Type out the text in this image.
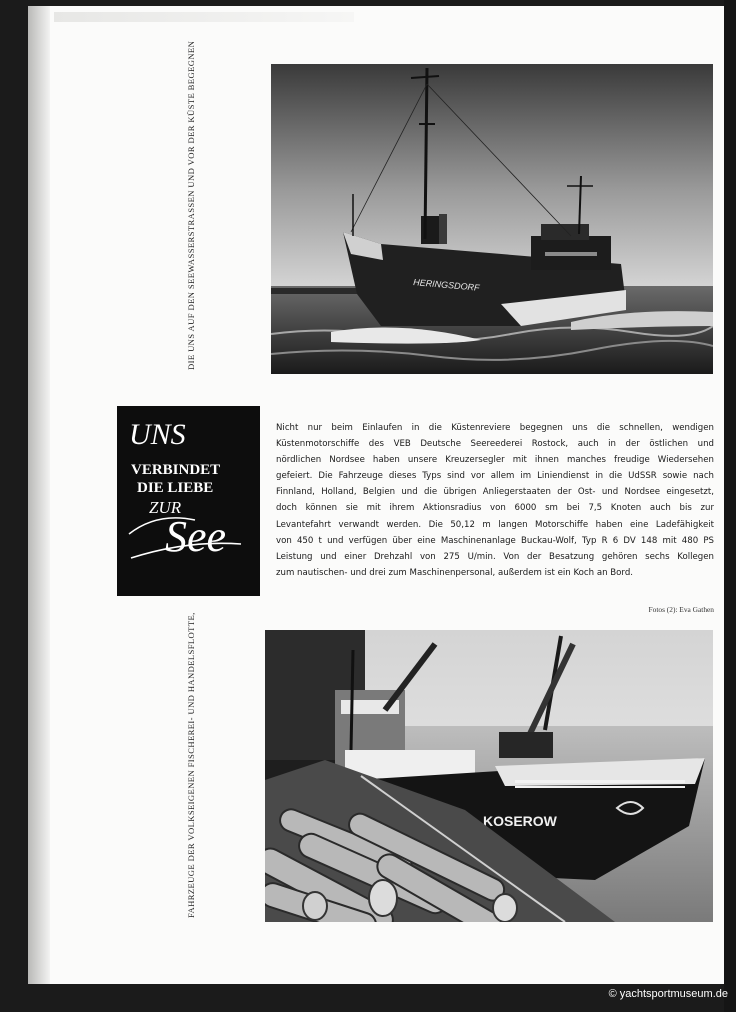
DIE UNS AUF DEN SEEWASSERSTRASSEN UND VOR DER KÜSTE BEGEGNEN
FAHRZEUGE DER VOLKSEIGENEN FISCHEREI- UND HANDELSFLOTTE,
HERINGSDORF
UNS
VERBINDET
DIE LIEBE
ZUR
See
Nicht nur beim Einlaufen in die Küstenreviere begegnen uns die schnellen, wendigen
Küstenmotorschiffe des VEB Deutsche Seereederei Rostock, auch in der östlichen und
nördlichen Nordsee haben unsere Kreuzersegler mit ihnen manches freudige Wiedersehen
gefeiert. Die Fahrzeuge dieses Typs sind vor allem im Liniendienst in die UdSSR sowie nach
Finnland, Holland, Belgien und die übrigen Anliegerstaaten der Ost- und Nordsee eingesetzt,
doch können sie mit ihrem Aktionsradius von 6000 sm bei 7,5 Knoten auch bis zur
Levantefahrt verwandt werden. Die 50,12 m langen Motorschiffe haben eine Ladefähigkeit
von 450 t und verfügen über eine Maschinenanlage Buckau-Wolf, Typ R 6 DV 148 mit 480 PS
Leistung und einer Drehzahl von 275 U/min. Von der Besatzung gehören sechs Kollegen
zum nautischen- und drei zum Maschinenpersonal, außerdem ist ein Koch an Bord.
Fotos (2): Eva Gathen
KOSEROW
© yachtsportmuseum.de
